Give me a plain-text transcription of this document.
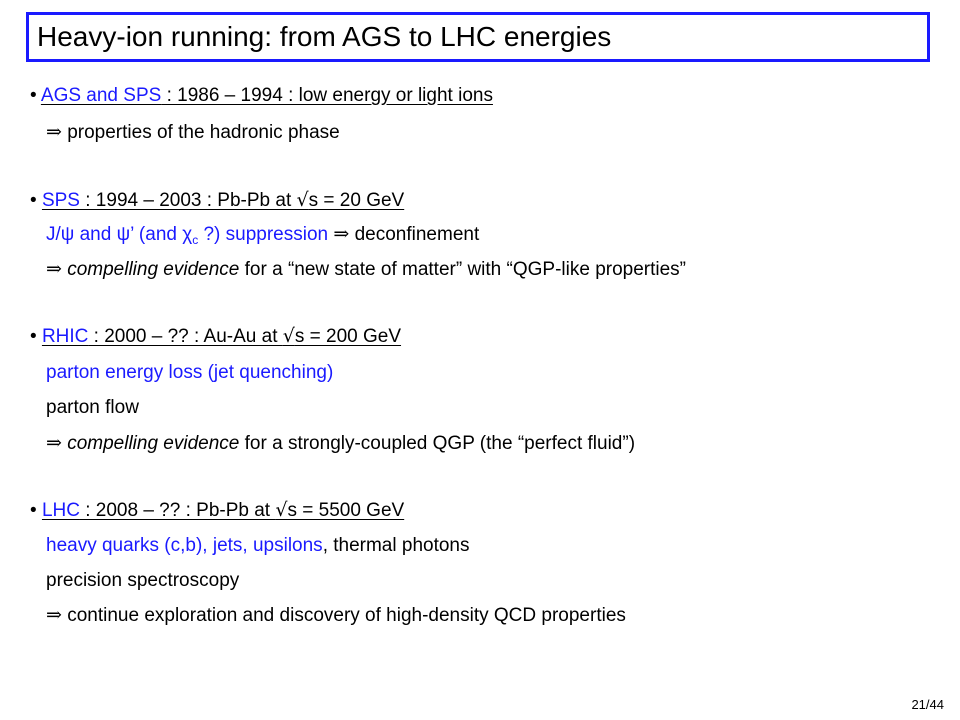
Heavy-ion running: from AGS to LHC energies
• AGS and SPS : 1986 – 1994 : low energy or light ions
⇒ properties of the hadronic phase
• SPS : 1994 – 2003 : Pb-Pb at √s = 20 GeV
J/ψ and ψ’ (and $\chi_c$ ?) suppression ⇒ deconfinement
⇒ compelling evidence for a “new state of matter” with “QGP-like properties”
• RHIC : 2000 – ?? : Au-Au at √s = 200 GeV
parton energy loss (jet quenching)
parton flow
⇒ compelling evidence for a strongly-coupled QGP (the “perfect fluid”)
• LHC : 2008 – ?? : Pb-Pb at √s = 5500 GeV
heavy quarks (c,b), jets, upsilons, thermal photons
precision spectroscopy
⇒ continue exploration and discovery of high-density QCD properties
21/44
